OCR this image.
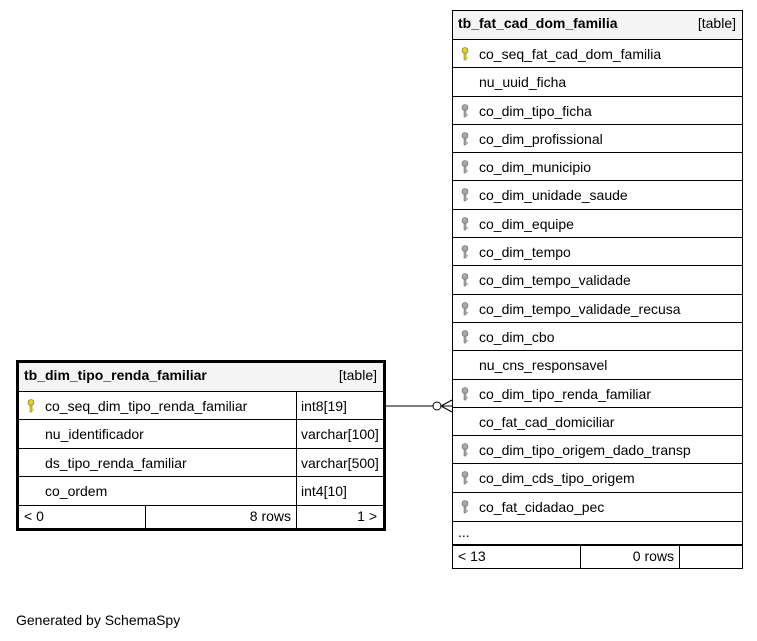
tb_fat_cad_dom_familia	[table]
co_seq_fat_cad_dom_familia
nu_uuid_ficha
co_dim_tipo_ficha
co_dim_profissional
co_dim_municipio
co_dim_unidade_saude
co_dim_equipe
co_dim_tempo
co_dim_tempo_validade
co_dim_tempo_validade_recusa
co_dim_cbo
nu_cns_responsavel
co_dim_tipo_renda_familiar
co_fat_cad_domiciliar
co_dim_tipo_origem_dado_transp
co_dim_cds_tipo_origem
co_fat_cidadao_pec
...
< 13	0 rows
tb_dim_tipo_renda_familiar	[table]
co_seq_dim_tipo_renda_familiar	int8[19]
nu_identificador	varchar[100]
ds_tipo_renda_familiar	varchar[500]
co_ordem	int4[10]
< 0	8 rows	1 >
Generated by SchemaSpy
